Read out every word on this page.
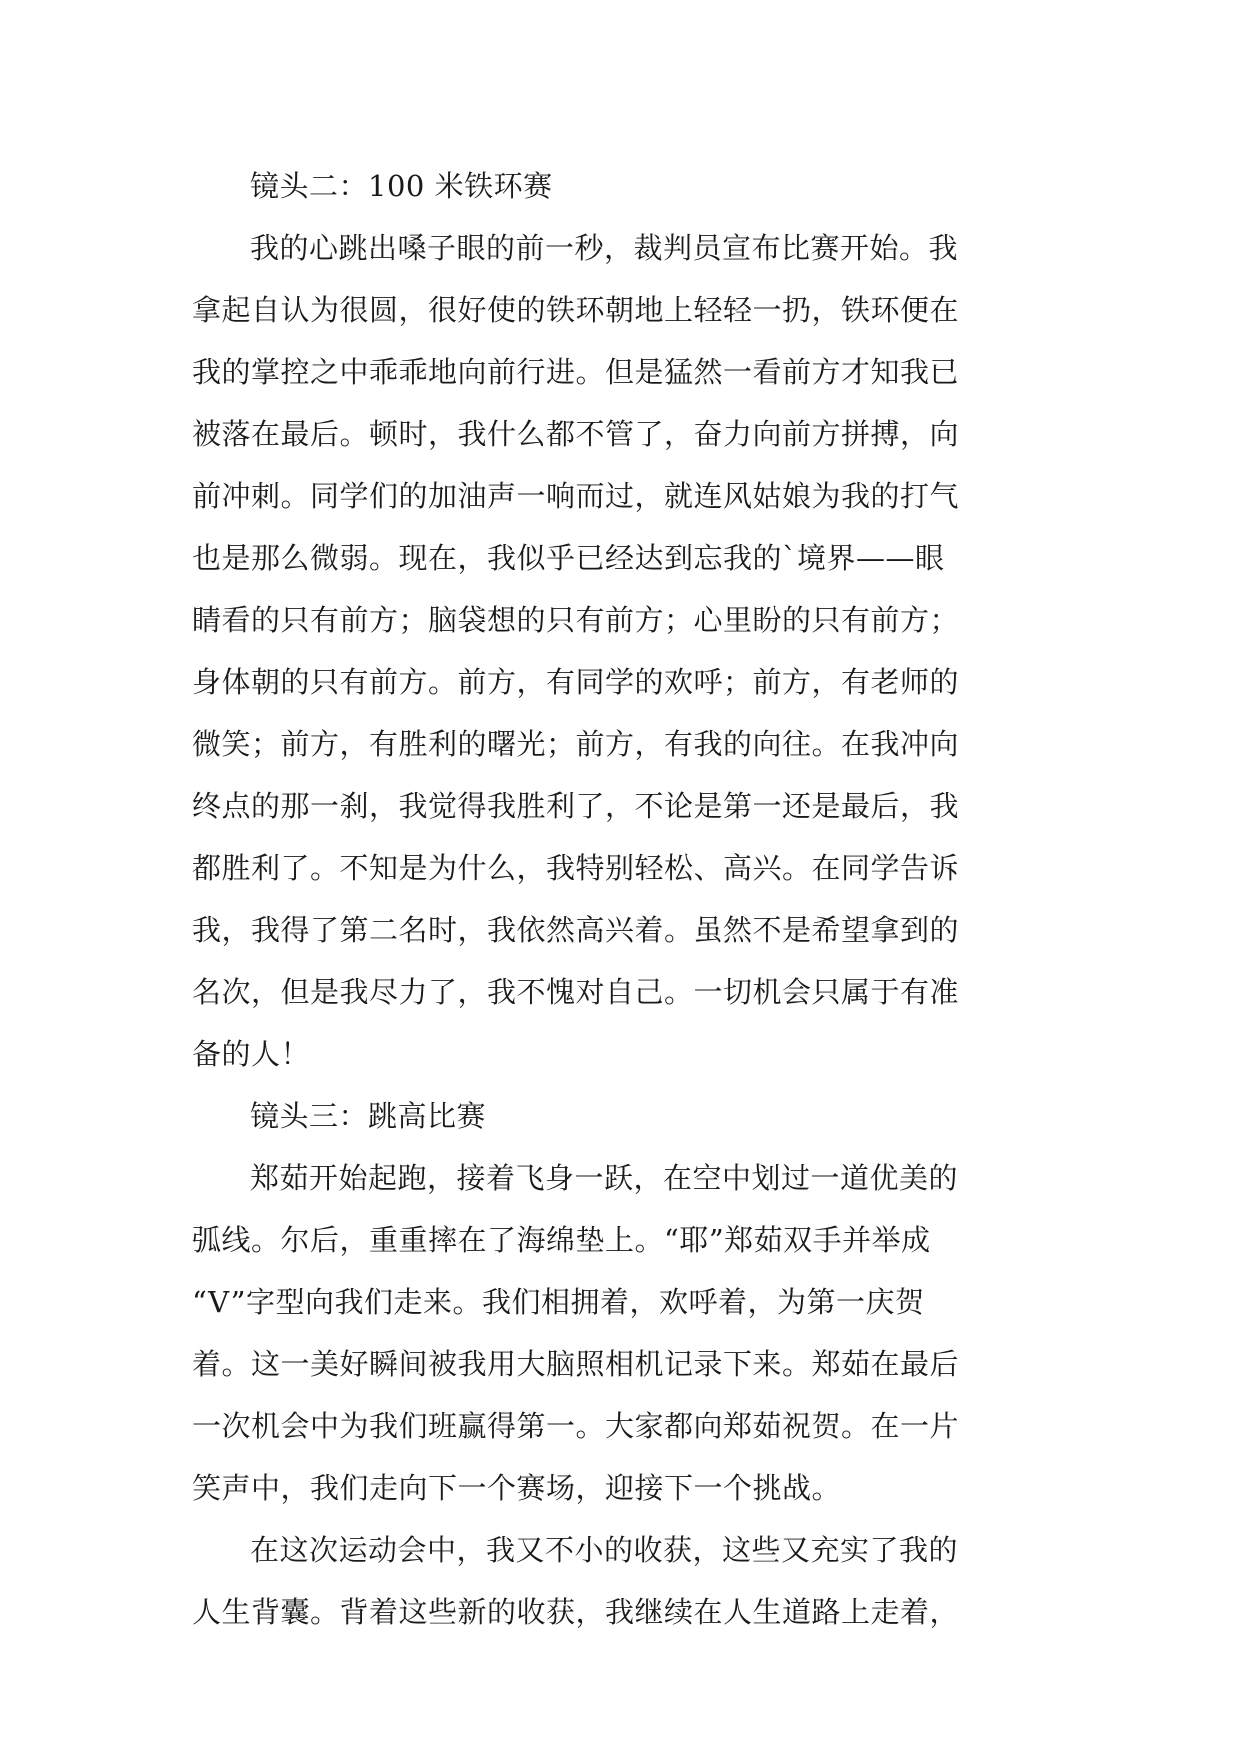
镜头二：100 米铁环赛
我的心跳出嗓子眼的前一秒，裁判员宣布比赛开始。我
拿起自认为很圆，很好使的铁环朝地上轻轻一扔，铁环便在
我的掌控之中乖乖地向前行进。但是猛然一看前方才知我已
被落在最后。顿时，我什么都不管了，奋力向前方拼搏，向
前冲刺。同学们的加油声一响而过，就连风姑娘为我的打气
也是那么微弱。现在，我似乎已经达到忘我的`境界——眼
睛看的只有前方；脑袋想的只有前方；心里盼的只有前方；
身体朝的只有前方。前方，有同学的欢呼；前方，有老师的
微笑；前方，有胜利的曙光；前方，有我的向往。在我冲向
终点的那一刹，我觉得我胜利了，不论是第一还是最后，我
都胜利了。不知是为什么，我特别轻松、高兴。在同学告诉
我，我得了第二名时，我依然高兴着。虽然不是希望拿到的
名次，但是我尽力了，我不愧对自己。一切机会只属于有准
备的人！
镜头三：跳高比赛
郑茹开始起跑，接着飞身一跃，在空中划过一道优美的
弧线。尔后，重重摔在了海绵垫上。“耶”郑茹双手并举成
“V”字型向我们走来。我们相拥着，欢呼着，为第一庆贺
着。这一美好瞬间被我用大脑照相机记录下来。郑茹在最后
一次机会中为我们班赢得第一。大家都向郑茹祝贺。在一片
笑声中，我们走向下一个赛场，迎接下一个挑战。
在这次运动会中，我又不小的收获，这些又充实了我的
人生背囊。背着这些新的收获，我继续在人生道路上走着，
